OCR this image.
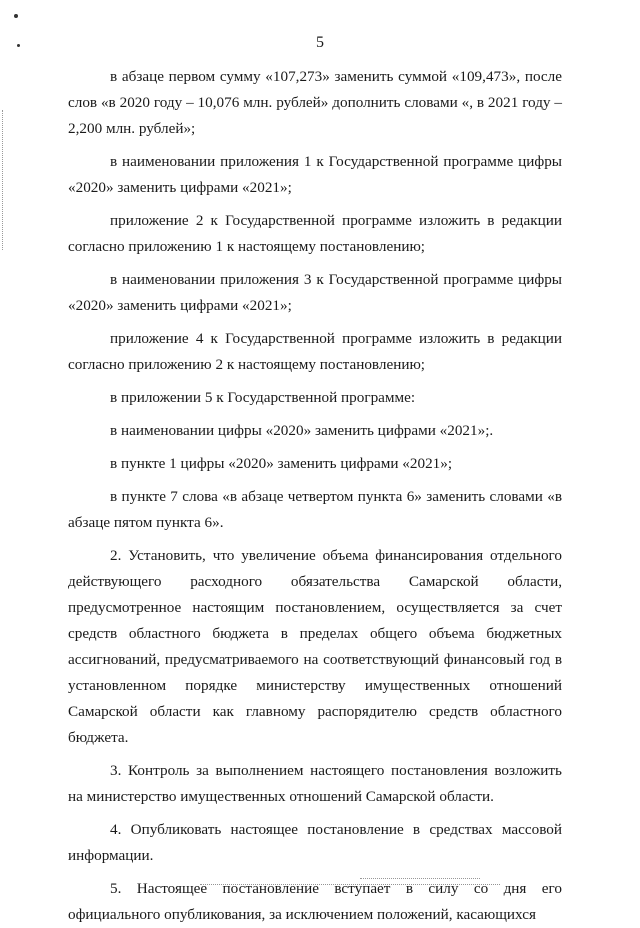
5

в абзаце первом сумму «107,273» заменить суммой «109,473», после слов «в 2020 году – 10,076 млн. рублей» дополнить словами «, в 2021 году – 2,200 млн. рублей»;

в наименовании приложения 1 к Государственной программе цифры «2020» заменить цифрами «2021»;

приложение 2 к Государственной программе изложить в редакции согласно приложению 1 к настоящему постановлению;

в наименовании приложения 3 к Государственной программе цифры «2020» заменить цифрами «2021»;

приложение 4 к Государственной программе изложить в редакции согласно приложению 2 к настоящему постановлению;

в приложении 5 к Государственной программе:

в наименовании цифры «2020» заменить цифрами «2021»;.

в пункте 1 цифры «2020» заменить цифрами «2021»;

в пункте 7 слова «в абзаце четвертом пункта 6» заменить словами «в абзаце пятом пункта 6».

2. Установить, что увеличение объема финансирования отдельного действующего расходного обязательства Самарской области, предусмотренное настоящим постановлением, осуществляется за счет средств областного бюджета в пределах общего объема бюджетных ассигнований, предусматриваемого на соответствующий финансовый год в установленном порядке министерству имущественных отношений Самарской области как главному распорядителю средств областного бюджета.

3. Контроль за выполнением настоящего постановления возложить на министерство имущественных отношений Самарской области.

4. Опубликовать настоящее постановление в средствах массовой информации.

5. Настоящее постановление вступает в силу со дня его официального опубликования, за исключением положений, касающихся
